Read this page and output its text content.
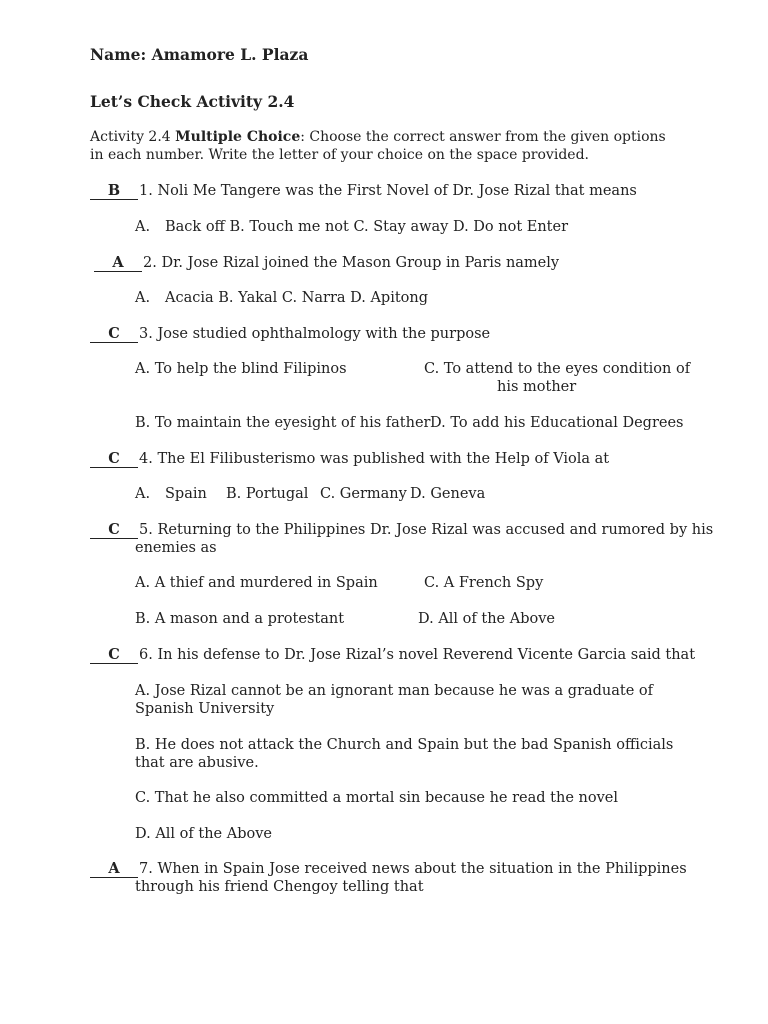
Name: Amamore L. Plaza
Let’s Check Activity 2.4
Activity 2.4 Multiple Choice: Choose the correct answer from the given options in each number. Write the letter of your choice on the space provided.
B 1. Noli Me Tangere was the First Novel of Dr. Jose Rizal that means
A. Back off B. Touch me not C. Stay away D. Do not Enter
A 2. Dr. Jose Rizal joined the Mason Group in Paris namely
A. Acacia B. Yakal C. Narra D. Apitong
C 3. Jose studied ophthalmology with the purpose
A. To help the blind Filipinos	C. To attend to the eyes condition of
his mother
B. To maintain the eyesight of his father D. To add his Educational Degrees
C 4. The El Filibusterismo was published with the Help of Viola at
A. Spain B. Portugal C. Germany D. Geneva
C 5. Returning to the Philippines Dr. Jose Rizal was accused and rumored by his
enemies as
A. A thief and murdered in Spain	C. A French Spy
B. A mason and a protestant	D. All of the Above
C 6. In his defense to Dr. Jose Rizal’s novel Reverend Vicente Garcia said that
A. Jose Rizal cannot be an ignorant man because he was a graduate of Spanish University
B. He does not attack the Church and Spain but the bad Spanish officials that are abusive.
C. That he also committed a mortal sin because he read the novel
D. All of the Above
A 7. When in Spain Jose received news about the situation in the Philippines
through his friend Chengoy telling that
